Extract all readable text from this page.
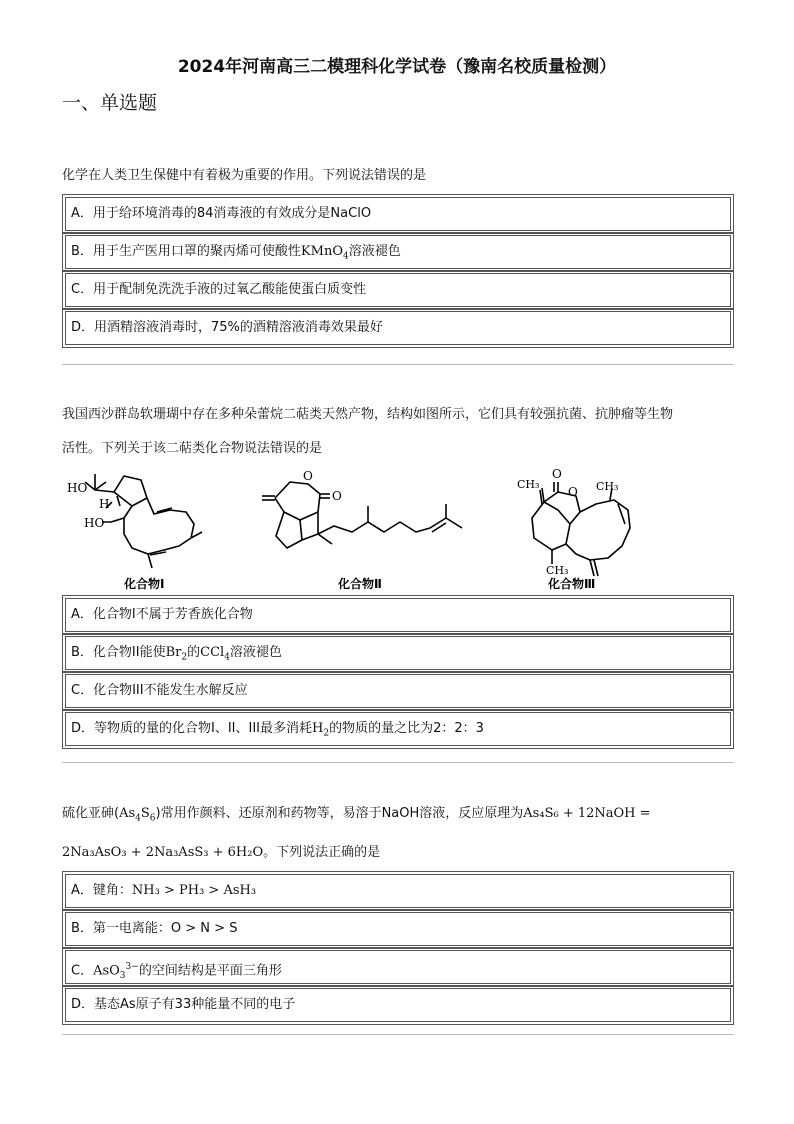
2024年河南高三二模理科化学试卷（豫南名校质量检测）
一、单选题
化学在人类卫生保健中有着极为重要的作用。下列说法错误的是
A．用于给环境消毒的84消毒液的有效成分是NaClO
B．用于生产医用口罩的聚丙烯可使酸性KMnO$_4$溶液褪色
C．用于配制免洗洗手液的过氧乙酸能使蛋白质变性
D．用酒精溶液消毒时，75%的酒精溶液消毒效果最好
我国西沙群岛软珊瑚中存在多种朵蕾烷二萜类天然产物，结构如图所示，它们具有较强抗菌、抗肿瘤等生物
活性。下列关于该二萜类化合物说法错误的是
HO
H
HO
O
O
CH₃
O
O CH₃
CH₃
化合物Ⅰ	化合物Ⅱ	化合物Ⅲ
A．化合物I不属于芳香族化合物
B．化合物II能使$Br_2$的CCl$_4$溶液褪色
C．化合物III不能发生水解反应
D．等物质的量的化合物I、II、III最多消耗$H_2$的物质的量之比为2：2：3
硫化亚砷$(As_4S_6)$常用作颜料、还原剂和药物等，易溶于NaOH溶液，反应原理为As₄S₆ + 12NaOH =
2Na₃AsO₃ + 2Na₃AsS₃ + 6H₂O。下列说法正确的是
A．键角：NH₃ > PH₃ > AsH₃
B．第一电离能：O > N > S
C．AsO$_3^{3-}$的空间结构是平面三角形
D．基态As原子有33种能量不同的电子
